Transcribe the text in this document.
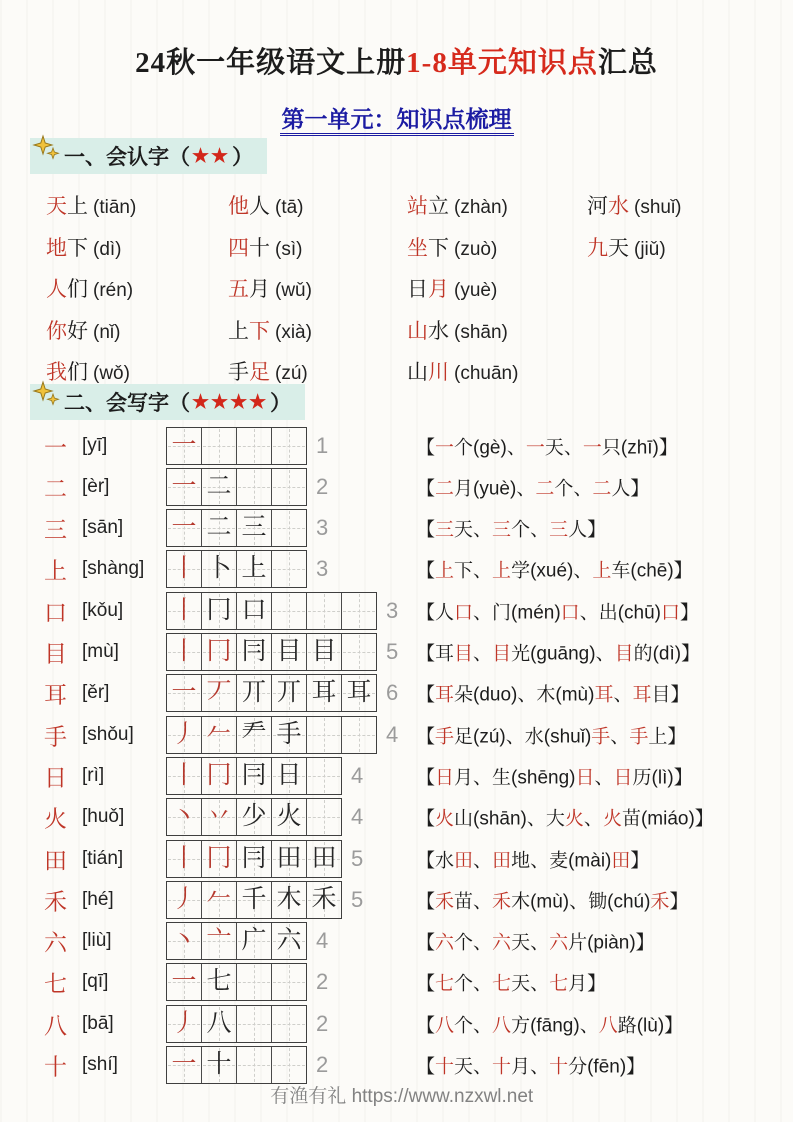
24秋一年级语文上册1-8单元知识点汇总
第一单元：知识点梳理
一、会认字（ ★★ ）
天上 (tiān)	他人 (tā)	站立 (zhàn)	河水 (shuǐ)
地下 (dì)	四十 (sì)	坐下 (zuò)	九天 (jiǔ)
人们 (rén)	五月 (wǔ)	日月 (yuè)
你好 (nǐ)	上下 (xià)	山水 (shān)
我们 (wǒ)	手足 (zú)	山川 (chuān)
二、会写字（ ★★★★ ）
一 [yī]	一	1	【一个(gè)、一天、一只(zhī)】
二 [èr] 一 二	2	【二月(yuè)、二个、二人】
三 [sān] 一 二 三 3	【三天、三个、三人】
上 [shàng] 丨 卜 上 3	【上下、上学(xué)、上车(chē)】
口 [kǒu] 丨 冂 口	3 【人口、门(mén)口、出(chū)口】
目 [mù] 丨 冂 冃 目 目 5 【耳目、目光(guāng)、目的(dì)】
耳 [ěr] 一 丆 丌 丌 耳 耳 6 【耳朵(duo)、木(mù)耳、耳目】
手 [shǒu] 丿 𠂉 龵 手	4 【手足(zú)、水(shuǐ)手、手上】
日 [rì]	丨 冂 冃 日 4	【日月、生(shēng)日、日历(lì)】
火 [huǒ] 丶 丷 少 火 4	【火山(shān)、大火、火苗(miáo)】
田 [tián] 丨 冂 冃 田 田 5	【水田、田地、麦(mài)田】
禾 [hé] 丿 𠂉 千 木 禾 5	【禾苗、禾木(mù)、锄(chú)禾】
六 [liù] 丶 亠 广 六 4	【六个、六天、六片(piàn)】
七 [qī]	一 七	2	【七个、七天、七月】
八 [bā] 丿 八	2	【八个、八方(fāng)、八路(lù)】
十 [shí] 一 十	2	【十天、十月、十分(fēn)】
有渔有礼 https://www.nzxwl.net
